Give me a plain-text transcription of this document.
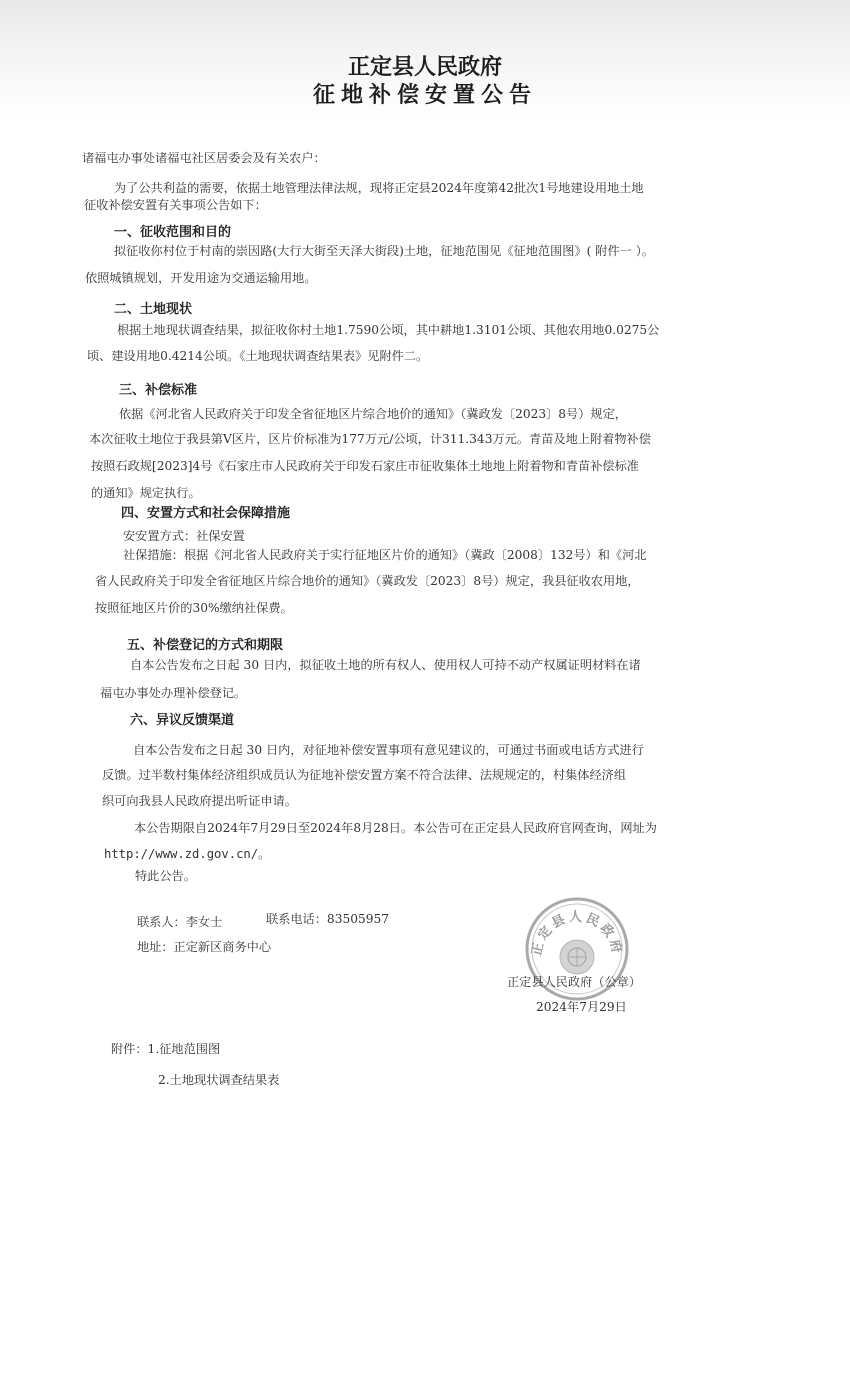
正定县人民政府
征地补偿安置公告
诸福屯办事处诸福屯社区居委会及有关农户：
为了公共利益的需要，依据土地管理法律法规，现将正定县2024年度第42批次1号地建设用地土地
征收补偿安置有关事项公告如下：
一、征收范围和目的
拟征收你村位于村南的崇因路(大行大街至天泽大街段)土地，征地范围见《征地范围图》( 附件一 ）。
依照城镇规划，开发用途为交通运输用地。
二、土地现状
根据土地现状调查结果，拟征收你村土地1.7590公顷，其中耕地1.3101公顷、其他农用地0.0275公
顷、建设用地0.4214公顷。《土地现状调查结果表》见附件二。
三、补偿标准
依据《河北省人民政府关于印发全省征地区片综合地价的通知》（冀政发〔2023〕8号）规定，
本次征收土地位于我县第Ⅴ区片，区片价标准为177万元/公顷，计311.343万元。青苗及地上附着物补偿
按照石政规[2023]4号《石家庄市人民政府关于印发石家庄市征收集体土地地上附着物和青苗补偿标准
的通知》规定执行。
四、安置方式和社会保障措施
安安置方式：社保安置
社保措施：根据《河北省人民政府关于实行征地区片价的通知》（冀政〔2008〕132号）和《河北
省人民政府关于印发全省征地区片综合地价的通知》（冀政发〔2023〕8号）规定，我县征收农用地，
按照征地区片价的30%缴纳社保费。
五、补偿登记的方式和期限
自本公告发布之日起 30 日内，拟征收土地的所有权人、使用权人可持不动产权属证明材料在诸
福屯办事处办理补偿登记。
六、异议反馈渠道
自本公告发布之日起 30 日内，对征地补偿安置事项有意见建议的，可通过书面或电话方式进行
反馈。过半数村集体经济组织成员认为征地补偿安置方案不符合法律、法规规定的，村集体经济组
织可向我县人民政府提出听证申请。
本公告期限自2024年7月29日至2024年8月28日。本公告可在正定县人民政府官网查询，网址为
http://www.zd.gov.cn/。
特此公告。
联系人：李女士	联系电话：83505957
地址：正定新区商务中心	正定县人民政府
正定县人民政府（公章）
2024年7月29日
附件：1.征地范围图
2.土地现状调查结果表
